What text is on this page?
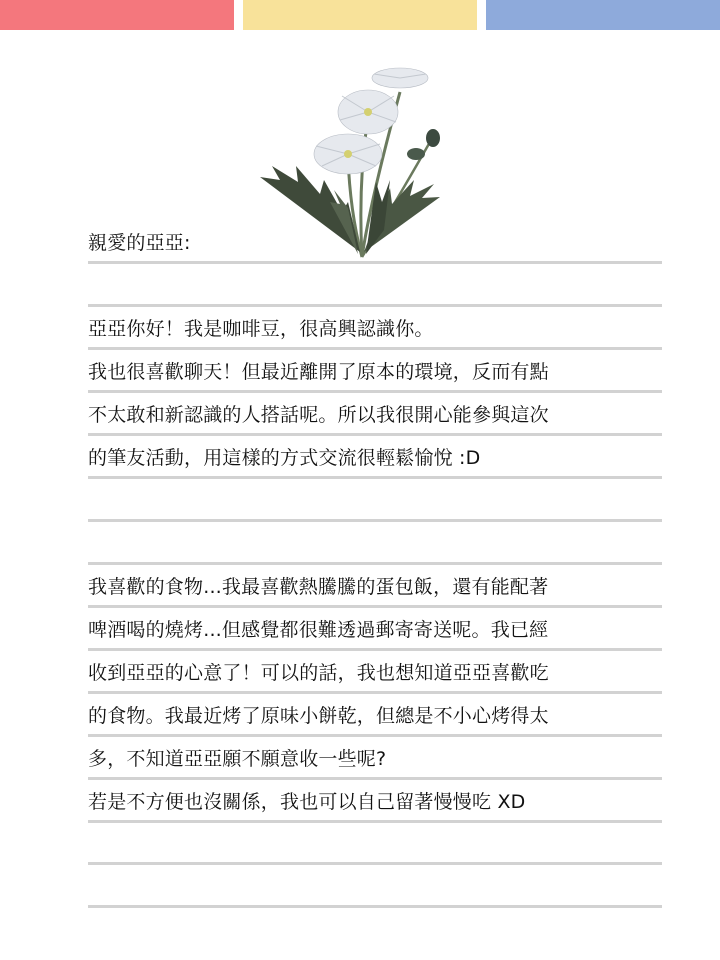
親愛的亞亞:
亞亞你好！我是咖啡豆，很高興認識你。
我也很喜歡聊天！但最近離開了原本的環境，反而有點
不太敢和新認識的人搭話呢。所以我很開心能參與這次
的筆友活動，用這樣的方式交流很輕鬆愉悅 :D
我喜歡的食物...我最喜歡熱騰騰的蛋包飯，還有能配著
啤酒喝的燒烤...但感覺都很難透過郵寄寄送呢。我已經
收到亞亞的心意了！可以的話，我也想知道亞亞喜歡吃
的食物。我最近烤了原味小餅乾，但總是不小心烤得太
多，不知道亞亞願不願意收一些呢?
若是不方便也沒關係，我也可以自己留著慢慢吃 XD
